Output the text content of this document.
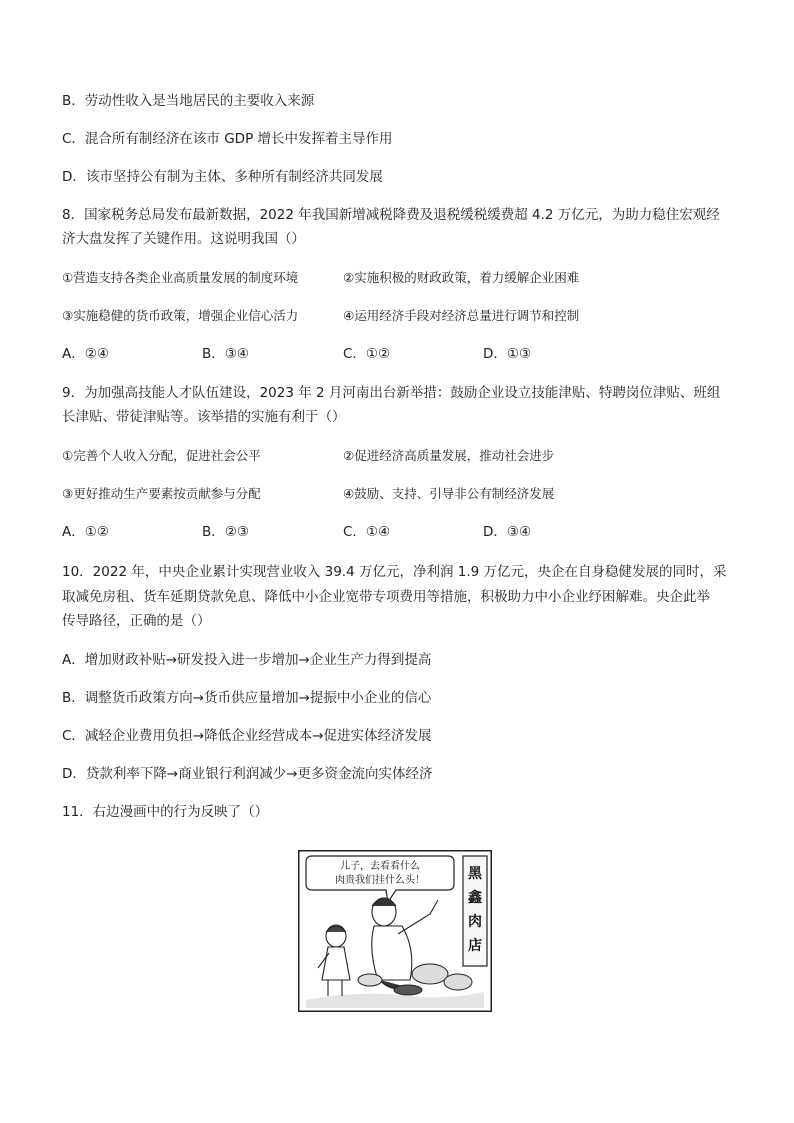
B．劳动性收入是当地居民的主要收入来源
C．混合所有制经济在该市 GDP 增长中发挥着主导作用
D．该市坚持公有制为主体、多种所有制经济共同发展
8．国家税务总局发布最新数据，2022 年我国新增减税降费及退税缓税缓费超 4.2 万亿元，为助力稳住宏观经
济大盘发挥了关键作用。这说明我国（）
①营造支持各类企业高质量发展的制度环境	②实施积极的财政政策，着力缓解企业困难
③实施稳健的货币政策，增强企业信心活力	④运用经济手段对经济总量进行调节和控制
A．②④	B．③④	C．①②	D．①③
9．为加强高技能人才队伍建设，2023 年 2 月河南出台新举措：鼓励企业设立技能津贴、特聘岗位津贴、班组
长津贴、带徒津贴等。该举措的实施有利于（）
①完善个人收入分配，促进社会公平	②促进经济高质量发展，推动社会进步
③更好推动生产要素按贡献参与分配	④鼓励、支持、引导非公有制经济发展
A．①②	B．②③	C．①④	D．③④
10．2022 年，中央企业累计实现营业收入 39.4 万亿元，净利润 1.9 万亿元，央企在自身稳健发展的同时，采
取减免房租、货车延期贷款免息、降低中小企业宽带专项费用等措施，积极助力中小企业纾困解难。央企此举
传导路径，正确的是（）
A．增加财政补贴→研发投入进一步增加→企业生产力得到提高
B．调整货币政策方向→货币供应量增加→提振中小企业的信心
C．减轻企业费用负担→降低企业经营成本→促进实体经济发展
D．贷款利率下降→商业银行利润减少→更多资金流向实体经济
11．右边漫画中的行为反映了（）
儿子，去看看什么
肉贵我们挂什么头！	黑
鑫
肉
店
